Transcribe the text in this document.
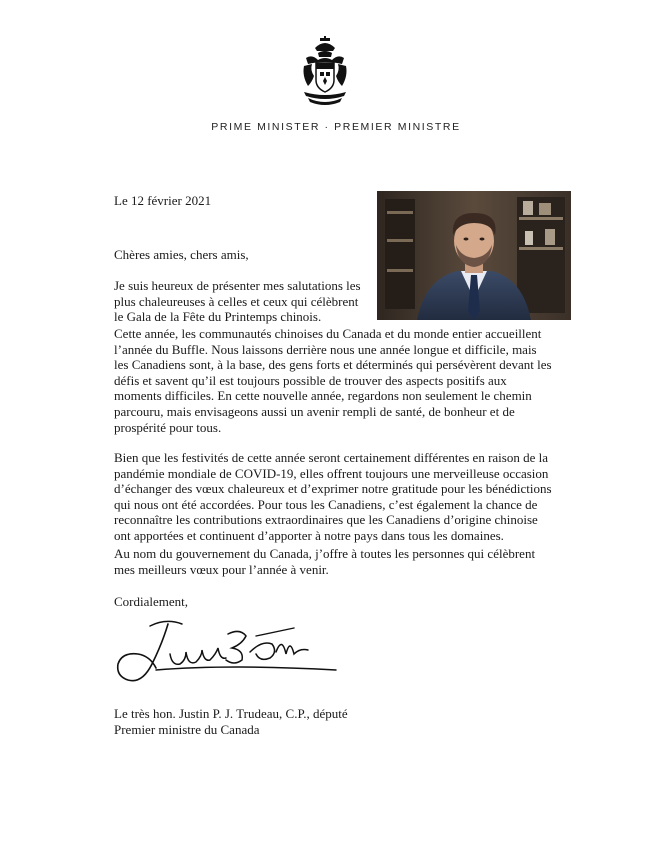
PRIME MINISTER · PREMIER MINISTRE
Le 12 février 2021

Chères amies, chers amis,

Je suis heureux de présenter mes salutations les plus chaleureuses à celles et ceux qui célèbrent le Gala de la Fête du Printemps chinois.

Cette année, les communautés chinoises du Canada et du monde entier accueillent l’année du Buffle. Nous laissons derrière nous une année longue et difficile, mais les Canadiens sont, à la base, des gens forts et déterminés qui persévèrent devant les défis et savent qu’il est toujours possible de trouver des aspects positifs aux moments difficiles. En cette nouvelle année, regardons non seulement le chemin parcouru, mais envisageons aussi un avenir rempli de santé, de bonheur et de prospérité pour tous.

Bien que les festivités de cette année seront certainement différentes en raison de la pandémie mondiale de COVID-19, elles offrent toujours une merveilleuse occasion d’échanger des vœux chaleureux et d’exprimer notre gratitude pour les bénédictions qui nous ont été accordées. Pour tous les Canadiens, c’est également la chance de reconnaître les contributions extraordinaires que les Canadiens d’origine chinoise ont apportées et continuent d’apporter à notre pays dans tous les domaines.

Au nom du gouvernement du Canada, j’offre à toutes les personnes qui célèbrent mes meilleurs vœux pour l’année à venir.

Cordialement,

Le très hon. Justin P. J. Trudeau, C.P., député
Premier ministre du Canada
